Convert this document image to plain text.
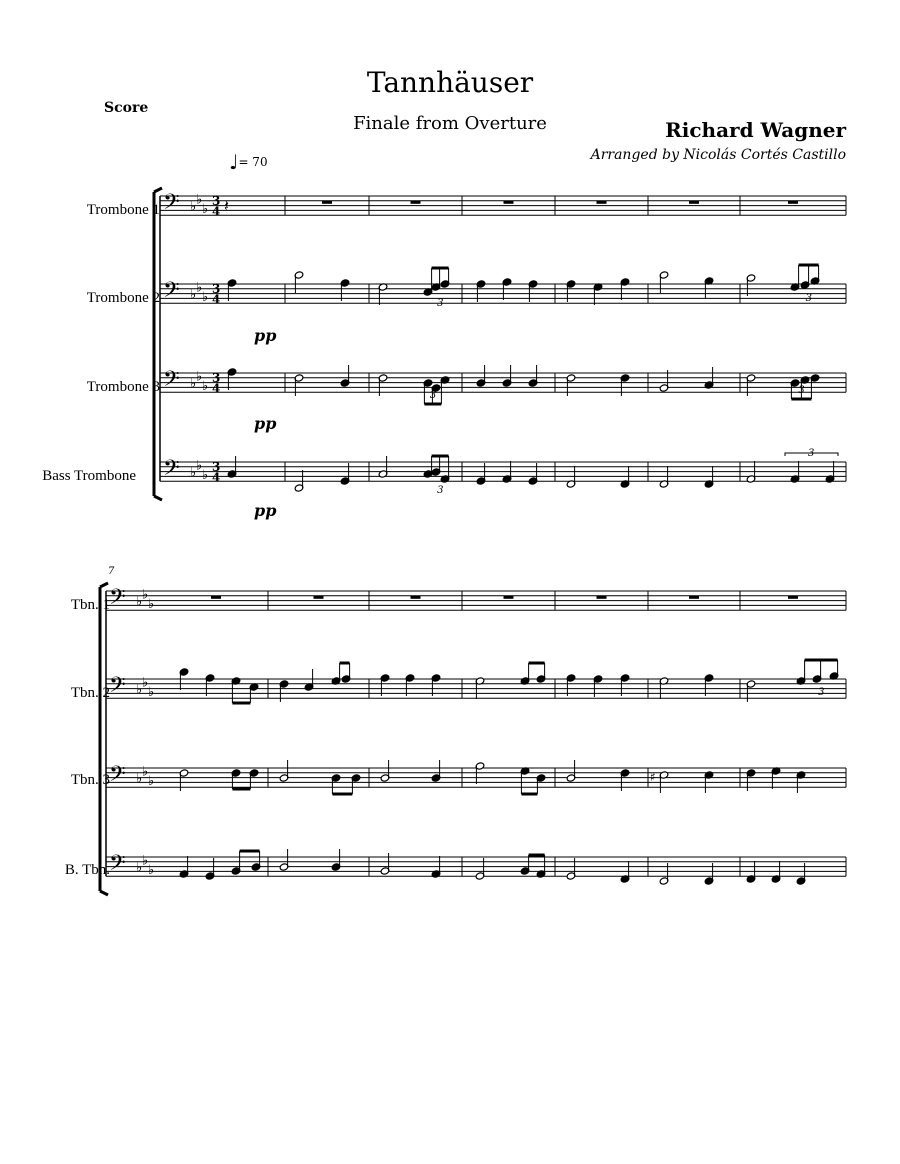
Score
Tannhäuser
Finale from Overture	Richard Wagner
Arranged by Nicolás Cortés Castillo
♩= 70
Trombone 1
Trombone 2
Trombone 3
Bass Trombone
pp
pp
pp
Tbn. 1
Tbn. 2
Tbn. 3
B. Tbn.
7
𝄢 ♭ ♭
♭
3
4
𝄢 ♭ ♭
♭
3
4
𝄢 ♭ ♭
♭
3
4
𝄢 ♭ ♭
♭
3
4
𝄽
3	3
3	3
3
3
𝄢 ♭ ♭
♭
𝄢 ♭ ♭
♭
𝄢 ♭ ♭
♭
𝄢 ♭ ♭
♭
3
♯
